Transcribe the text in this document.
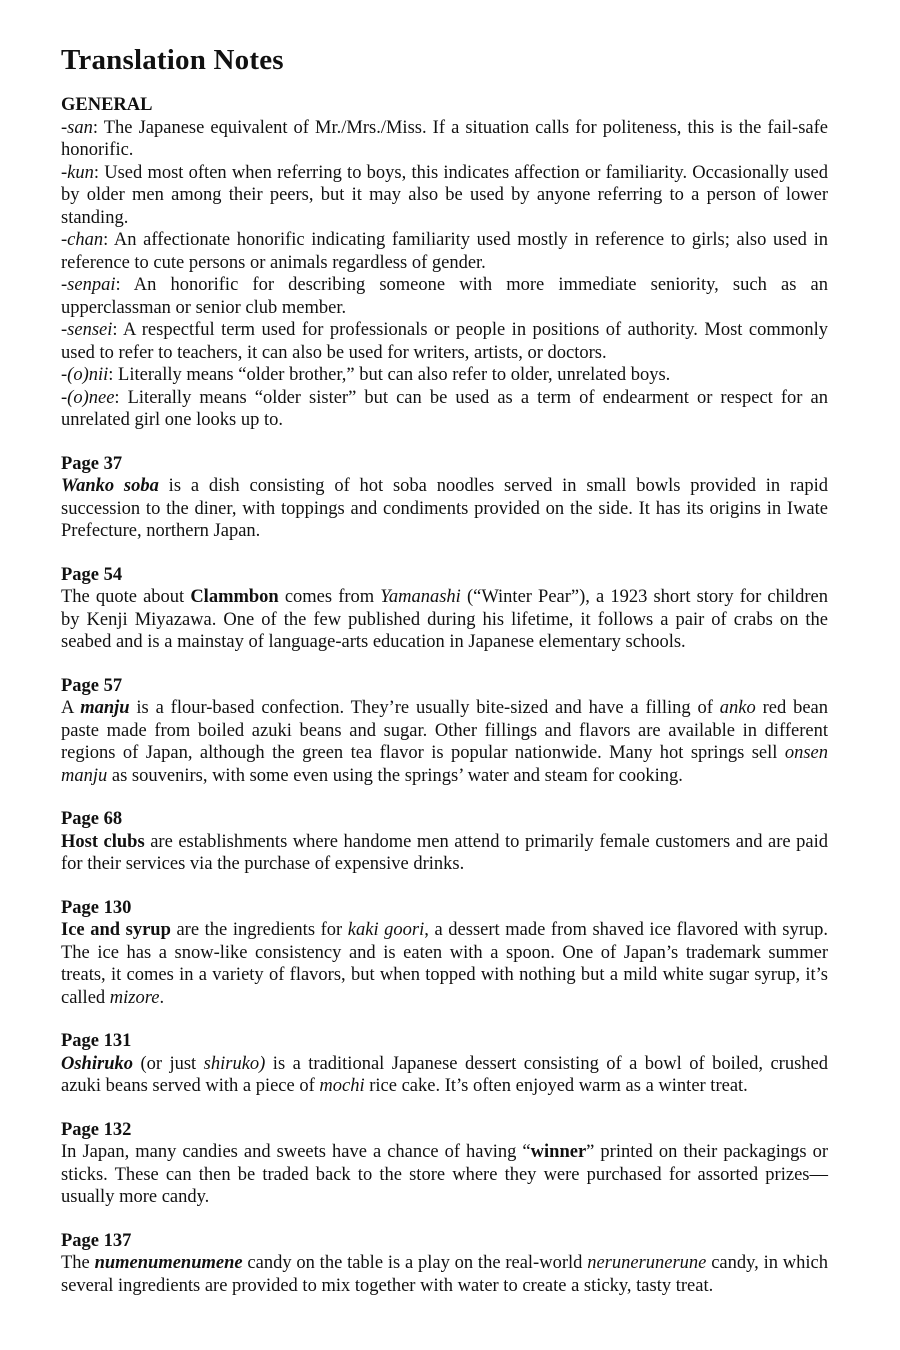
Translation Notes
GENERAL

-san: The Japanese equivalent of Mr./Mrs./Miss. If a situation calls for politeness, this is the fail-safe honorific.

-kun: Used most often when referring to boys, this indicates affection or familiarity. Occasionally used by older men among their peers, but it may also be used by anyone referring to a person of lower standing.

-chan: An affectionate honorific indicating familiarity used mostly in reference to girls; also used in reference to cute persons or animals regardless of gender.

-senpai: An honorific for describing someone with more immediate seniority, such as an upperclassman or senior club member.

-sensei: A respectful term used for professionals or people in positions of authority. Most commonly used to refer to teachers, it can also be used for writers, artists, or doctors.

-(o)nii: Literally means “older brother,” but can also refer to older, unrelated boys.

-(o)nee: Literally means “older sister” but can be used as a term of endearment or respect for an unrelated girl one looks up to.

Page 37

Wanko soba is a dish consisting of hot soba noodles served in small bowls provided in rapid succession to the diner, with toppings and condiments provided on the side. It has its origins in Iwate Prefecture, northern Japan.

Page 54

The quote about Clammbon comes from Yamanashi (“Winter Pear”), a 1923 short story for children by Kenji Miyazawa. One of the few published during his lifetime, it follows a pair of crabs on the seabed and is a mainstay of language-arts education in Japanese elementary schools.

Page 57

A manju is a flour-based confection. They’re usually bite-sized and have a filling of anko red bean paste made from boiled azuki beans and sugar. Other fillings and flavors are available in different regions of Japan, although the green tea flavor is popular nationwide. Many hot springs sell onsen manju as souvenirs, with some even using the springs’ water and steam for cooking.

Page 68

Host clubs are establishments where handome men attend to primarily female customers and are paid for their services via the purchase of expensive drinks.

Page 130

Ice and syrup are the ingredients for kaki goori, a dessert made from shaved ice flavored with syrup. The ice has a snow-like consistency and is eaten with a spoon. One of Japan’s trademark summer treats, it comes in a variety of flavors, but when topped with nothing but a mild white sugar syrup, it’s called mizore.

Page 131

Oshiruko (or just shiruko) is a traditional Japanese dessert consisting of a bowl of boiled, crushed azuki beans served with a piece of mochi rice cake. It’s often enjoyed warm as a winter treat.

Page 132

In Japan, many candies and sweets have a chance of having “winner” printed on their packagings or sticks. These can then be traded back to the store where they were purchased for assorted prizes—usually more candy.

Page 137

The numenumenumene candy on the table is a play on the real-world nerunerunerune candy, in which several ingredients are provided to mix together with water to create a sticky, tasty treat.
